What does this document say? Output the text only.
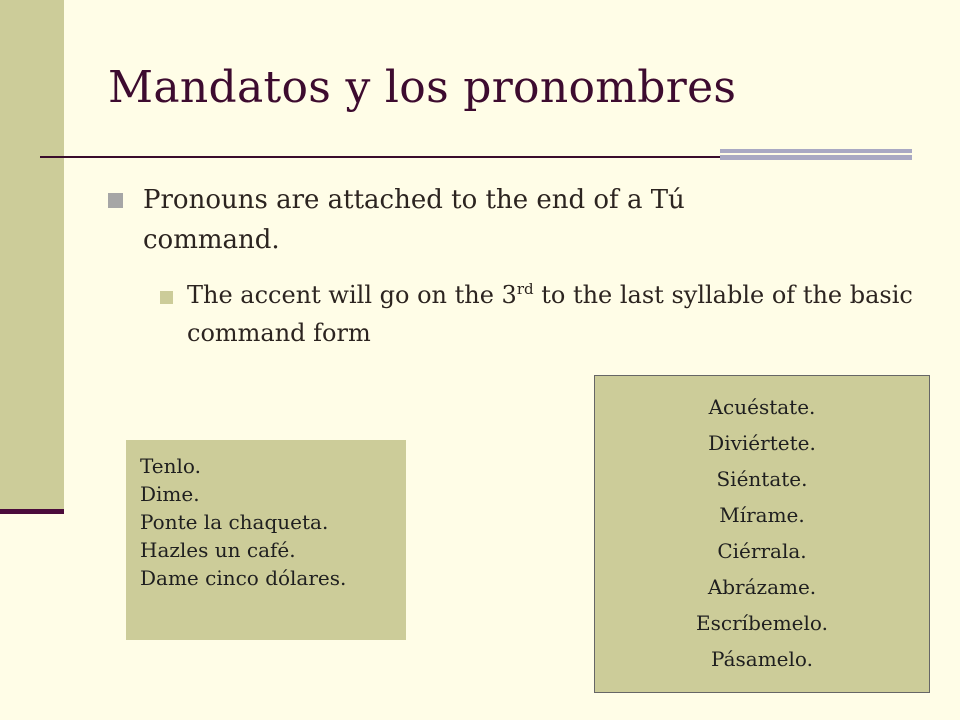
Mandatos y los pronombres
Pronouns are attached to the end of a Tú command.
The accent will go on the 3rd to the last syllable of the basic command form
Tenlo.
Dime.
Ponte la chaqueta.
Hazles un café.
Dame cinco dólares.
Acuéstate.
Diviértete.
Siéntate.
Mírame.
Ciérrala.
Abrázame.
Escríbemelo.
Pásamelo.
